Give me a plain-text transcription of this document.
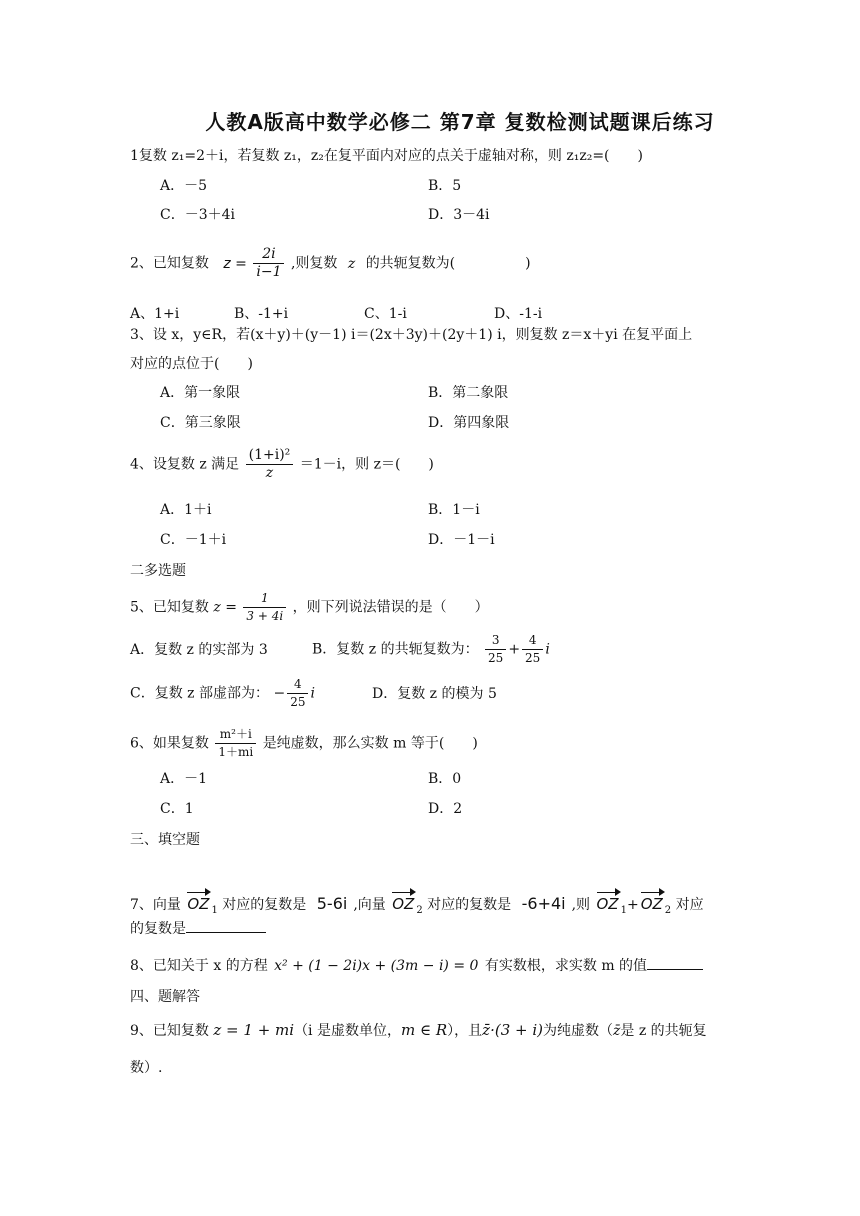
人教A版高中数学必修二 第7章 复数检测试题课后练习
1复数 z₁=2＋i，若复数 z₁，z₂在复平面内对应的点关于虚轴对称，则 z₁z₂=(　　)
A．－5	B．5
C．－3＋4i	D．3－4i
2、已知复数 $z = \frac{2i}{i-1}$ ,则复数 z 的共轭复数为(　　　　　)
A、1+i	B、-1+i	C、1-i	D、-1-i
3、设 x，y∈R，若(x＋y)＋(y－1) i＝(2x＋3y)＋(2y＋1) i，则复数 z＝x＋yi 在复平面上
对应的点位于(　　)
A．第一象限	B．第二象限
C．第三象限	D．第四象限
4、设复数 z 满足 $\frac{\text{(1+i)²}}{z} =1-i$，则 z＝(　　)
A．1＋i	B．1－i
C．－1＋i	D．－1－i
二多选题
5、已知复数 $z = \frac{1}{3 + 4i}$ ，则下列说法错误的是（　　）
A．复数 z 的实部为 3	B．复数 z 的共轭复数为： $\frac{3}{25} + \frac{4}{25}$ i
C．复数 z 部虚部为： − $\frac{4}{25}$ i	D．复数 z 的模为 5
6、如果复数 $\frac{\text{m²＋i}}{1+mi}$ 是纯虚数，那么实数 m 等于(　　)
A．－1	B．0
C．1	D．2
三、填空题
7、向量 OZ $_1$ 对应的复数是 5-6i ,向量 OZ $_2$ 对应的复数是 -6+4i ,则 OZ $_1$+ OZ $_2$ 对应
的复数是
8、已知关于 x 的方程 x² + (1 − 2i)x + (3m − i) = 0 有实数根，求实数 m 的值
四、题解答
9、已知复数 z = 1 + mi（i 是虚数单位，m ∈ R），且z̄·(3 + i)为纯虚数（z̄是 z 的共轭复
数）.
